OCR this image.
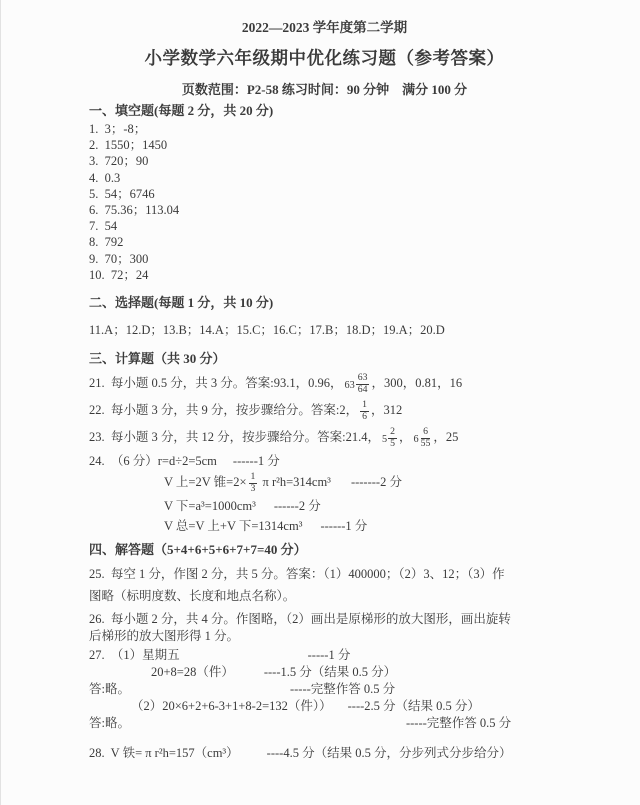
2022—2023 学年度第二学期
小学数学六年级期中优化练习题（参考答案）
页数范围：P2-58 练习时间：90 分钟　满分 100 分
一、填空题(每题 2 分，共 20 分)
1.  3；-8；
2.  1550；1450
3.  720；90
4.  0.3
5.  54；6746
6.  75.36；113.04
7.  54
8.  792
9.  70；300
10.  72；24
二、选择题(每题 1 分，共 10 分)
11.A；12.D；13.B；14.A；15.C；16.C；17.B；18.D；19.A；20.D
三、计算题（共 30 分）
21.  每小题 0.5 分，共 3 分。答案:93.1，0.96， $63 \frac{63}{64}$ ，300，0.81，16
22.  每小题 3 分，共 9 分，按步骤给分。答案:2， $\frac{1}{6}$ ，312
23.  每小题 3 分，共 12 分，按步骤给分。答案:21.4， $5 \frac{2}{5}$ ， $6 \frac{6}{55}$ ，25
24.  （6 分）r=d÷2=5cm ------1 分
V 上=2V 锥$=2\times \frac{1}{3}$ π r²h=314cm³ -------2 分
V 下=a³=1000cm³ ------2 分
V 总=V 上+V 下=1314cm³ ------1 分
四、解答题（5+4+6+5+6+7+7=40 分）
25.  每空 1 分，作图 2 分，共 5 分。答案：（1）400000；（2）3、12；（3）作
图略（标明度数、长度和地点名称）。
26.  每小题 2 分，共 4 分。作图略，（2）画出是原梯形的放大图形，画出旋转
后梯形的放大图形得 1 分。
27.  （1）星期五	-----1 分
20+8=28（件） ----1.5 分（结果 0.5 分）
答:略。	-----完整作答 0.5 分
（2）20×6+2+6-3+1+8-2=132（件）） ----2.5 分（结果 0.5 分）
答:略。	-----完整作答 0.5 分
28.  V 铁= π r²h=157（cm³） ----4.5 分（结果 0.5 分，分步列式分步给分）
